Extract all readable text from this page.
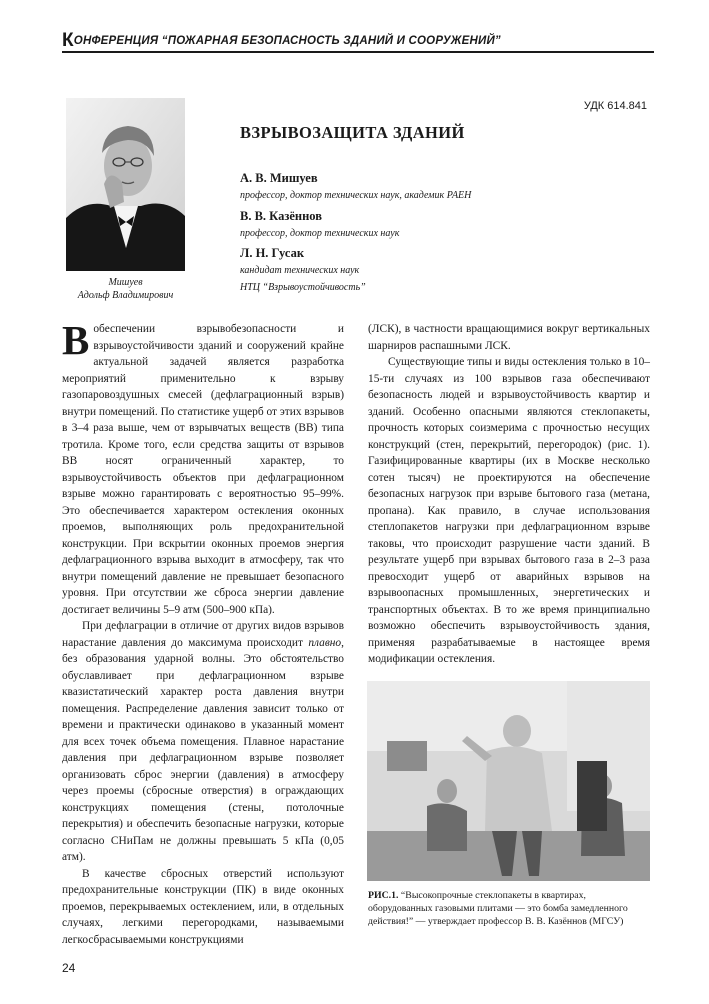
КОНФЕРЕНЦИЯ “ПОЖАРНАЯ БЕЗОПАСНОСТЬ ЗДАНИЙ И СООРУЖЕНИЙ”
УДК 614.841
Мишуев
Адольф Владимирович
ВЗРЫВОЗАЩИТА ЗДАНИЙ
А. В. Мишуев
профессор, доктор технических наук, академик РАЕН
В. В. Казённов
профессор, доктор технических наук
Л. Н. Гусак
кандидат технических наук
НТЦ “Взрывоустойчивость”

В обеспечении взрывобезопасности и взрывоустойчивости зданий и сооружений крайне актуальной задачей является разработка мероприятий применительно к взрыву газопаровоздушных смесей (дефлаграционный взрыв) внутри помещений. По статистике ущерб от этих взрывов в 3–4 раза выше, чем от взрывчатых веществ (ВВ) типа тротила. Кроме того, если средства защиты от взрывов ВВ носят ограниченный характер, то взрывоустойчивость объектов при дефлаграционном взрыве можно гарантировать с вероятностью 95–99%. Это обеспечивается характером остекления оконных проемов, выполняющих роль предохранительной конструкции. При вскрытии оконных проемов энергия дефлаграционного взрыва выходит в атмосферу, так что внутри помещений давление не превышает безопасного уровня. При отсутствии же сброса энергии давление достигает величины 5–9 атм (500–900 кПа).

При дефлаграции в отличие от других видов взрывов нарастание давления до максимума происходит плавно, без образования ударной волны. Это обстоятельство обуславливает при дефлаграционном взрыве квазистатический характер роста давления внутри помещения. Распределение давления зависит только от времени и практически одинаково в указанный момент для всех точек объема помещения. Плавное нарастание давления при дефлаграционном взрыве позволяет организовать сброс энергии (давления) в атмосферу через проемы (сбросные отверстия) в ограждающих конструкциях помещения (стены, потолочные перекрытия) и обеспечить безопасные нагрузки, которые согласно СНиПам не должны превышать 5 кПа (0,05 атм).

В качестве сбросных отверстий используют предохранительные конструкции (ПК) в виде оконных проемов, перекрываемых остеклением, или, в отдельных случаях, легкими перегородками, называемыми легкосбрасываемыми конструкциями

(ЛСК), в частности вращающимися вокруг вертикальных шарниров распашными ЛСК.

Существующие типы и виды остекления только в 10–15-ти случаях из 100 взрывов газа обеспечивают безопасность людей и взрывоустойчивость квартир и зданий. Особенно опасными являются стеклопакеты, прочность которых соизмерима с прочностью несущих конструкций (стен, перекрытий, перегородок) (рис. 1). Газифицированные квартиры (их в Москве несколько сотен тысяч) не проектируются на обеспечение безопасных нагрузок при взрыве бытового газа (метана, пропана). Как правило, в случае использования степлопакетов нагрузки при дефлаграционном взрыве таковы, что происходит разрушение части зданий. В результате ущерб при взрывах бытового газа в 2–3 раза превосходит ущерб от аварийных взрывов на взрывоопасных промышленных, энергетических и транспортных объектах. В то же время принципиально возможно обеспечить взрывоустойчивость здания, применяя разрабатываемые в настоящее время модификации остекления.

РИС.1. “Высокопрочные стеклопакеты в квартирах, оборудованных газовыми плитами — это бомба замедленного действия!” — утверждает профессор В. В. Казённов (МГСУ)
24
